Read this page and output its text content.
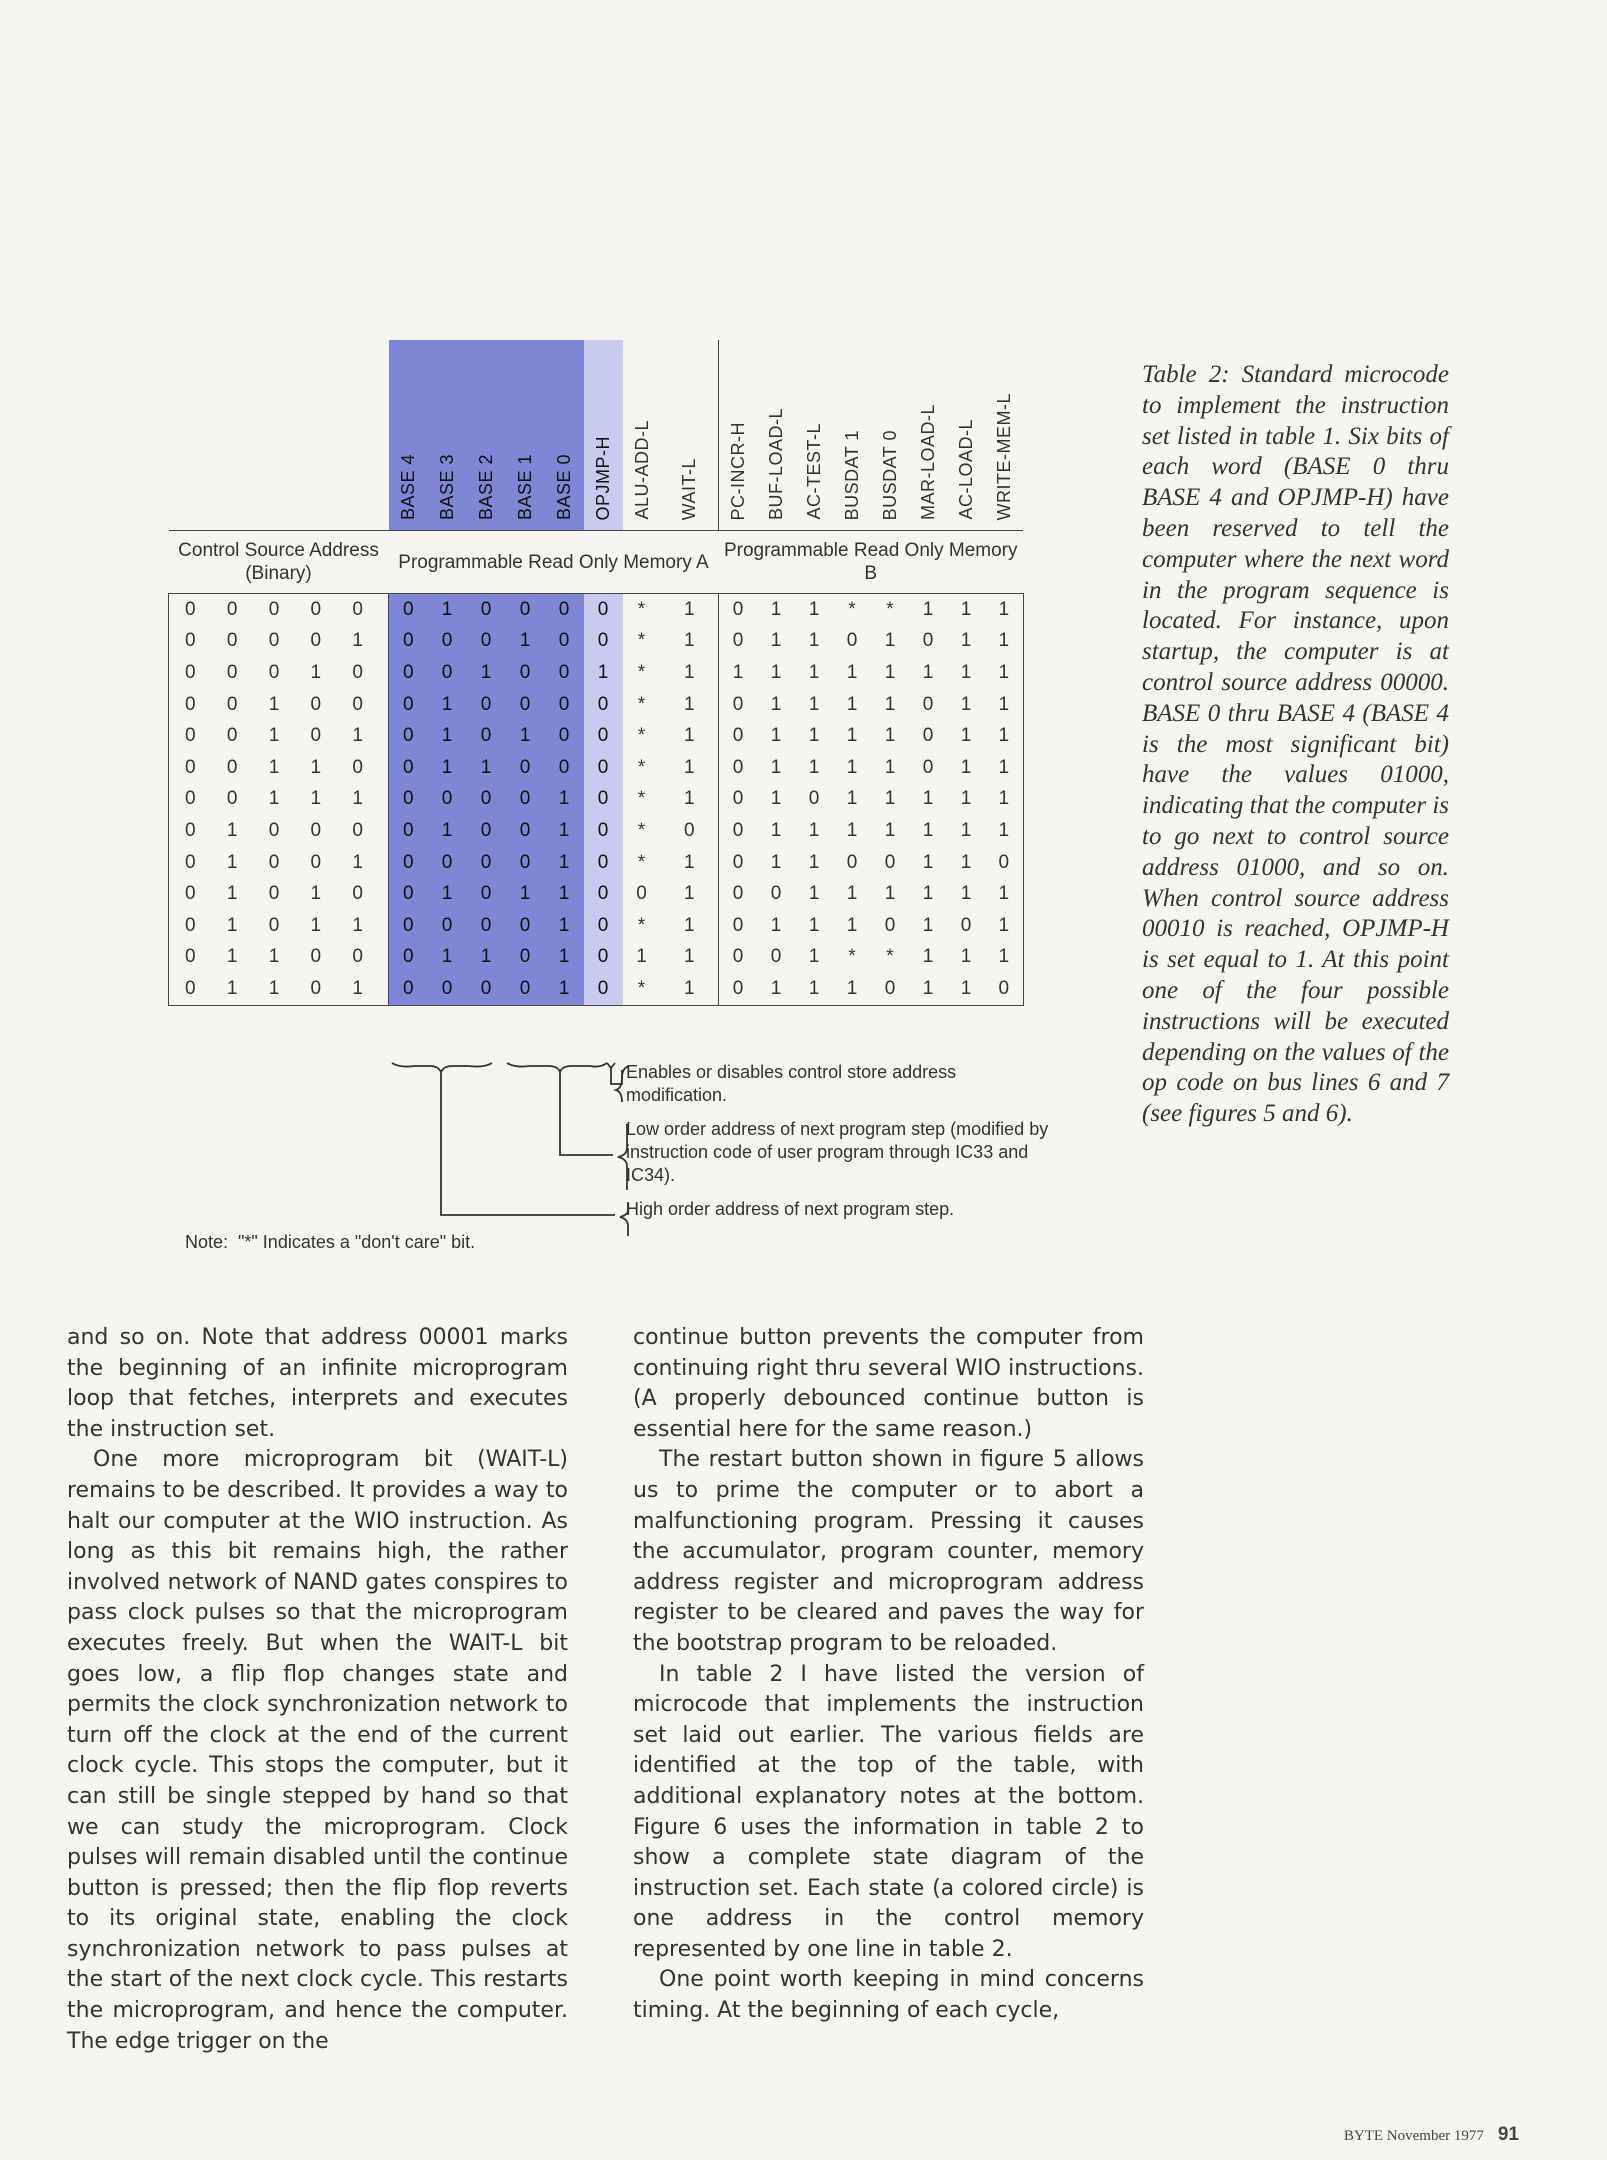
	BASE 4	BASE 3	BASE 2	BASE 1	BASE 0	OPJMP-H	ALU-ADD-L	WAIT-L	PC-INCR-H	BUF-LOAD-L	AC-TEST-L	BUSDAT 1	BUSDAT 0	MAR-LOAD-L	AC-LOAD-L	WRITE-MEM-L

Control Source Address (Binary)	Programmable Read Only Memory A								Programmable Read Only Memory B							
0 0 0 0 0	0	1	0	0	0	0	*	1	0	1	1	*	*	1	1	1
0 0 0 0 1	0	0	0	1	0	0	*	1	0	1	1	0	1	0	1	1
0 0 0 1 0	0	0	1	0	0	1	*	1	1	1	1	1	1	1	1	1
0 0 1 0 0	0	1	0	0	0	0	*	1	0	1	1	1	1	0	1	1
0 0 1 0 1	0	1	0	1	0	0	*	1	0	1	1	1	1	0	1	1
0 0 1 1 0	0	1	1	0	0	0	*	1	0	1	1	1	1	0	1	1
0 0 1 1 1	0	0	0	0	1	0	*	1	0	1	0	1	1	1	1	1
0 1 0 0 0	0	1	0	0	1	0	*	0	0	1	1	1	1	1	1	1
0 1 0 0 1	0	0	0	0	1	0	*	1	0	1	1	0	0	1	1	0
0 1 0 1 0	0	1	0	1	1	0	0	1	0	0	1	1	1	1	1	1
0 1 0 1 1	0	0	0	0	1	0	*	1	0	1	1	1	0	1	0	1
0 1 1 0 0	0	1	1	0	1	0	1	1	0	0	1	*	*	1	1	1
0 1 1 0 1	0	0	0	0	1	0	*	1	0	1	1	1	0	1	1	0
Enables or disables control store address modification.
Low order address of next program step (modified by instruction code of user program through IC33 and IC34).
High order address of next program step.
Note:  "*" Indicates a "don't care" bit.
Table 2: Standard microcode to implement the instruction set listed in table 1. Six bits of each word (BASE 0 thru BASE 4 and OPJMP-H) have been reserved to tell the computer where the next word in the program sequence is located. For instance, upon startup, the computer is at control source address 00000. BASE 0 thru BASE 4 (BASE 4 is the most significant bit) have the values 01000, indicating that the computer is to go next to control source address 01000, and so on. When control source address 00010 is reached, OPJMP-H is set equal to 1. At this point one of the four possible instructions will be executed depending on the values of the op code on bus lines 6 and 7 (see figures 5 and 6).

and so on. Note that address 00001 marks the beginning of an infinite microprogram loop that fetches, interprets and executes the instruction set.

One more microprogram bit (WAIT-L) remains to be described. It provides a way to halt our computer at the WIO instruction. As long as this bit remains high, the rather involved network of NAND gates conspires to pass clock pulses so that the microprogram executes freely. But when the WAIT-L bit goes low, a flip flop changes state and permits the clock synchronization network to turn off the clock at the end of the current clock cycle. This stops the computer, but it can still be single stepped by hand so that we can study the microprogram. Clock pulses will remain disabled until the continue button is pressed; then the flip flop reverts to its original state, enabling the clock synchronization network to pass pulses at the start of the next clock cycle. This restarts the microprogram, and hence the computer. The edge trigger on the

continue button prevents the computer from continuing right thru several WIO instructions. (A properly debounced continue button is essential here for the same reason.)

The restart button shown in figure 5 allows us to prime the computer or to abort a malfunctioning program. Pressing it causes the accumulator, program counter, memory address register and microprogram address register to be cleared and paves the way for the bootstrap program to be reloaded.

In table 2 I have listed the version of microcode that implements the instruction set laid out earlier. The various fields are identified at the top of the table, with additional explanatory notes at the bottom. Figure 6 uses the information in table 2 to show a complete state diagram of the instruction set. Each state (a colored circle) is one address in the control memory represented by one line in table 2.

One point worth keeping in mind concerns timing. At the beginning of each cycle,

BYTE November 1977 91
